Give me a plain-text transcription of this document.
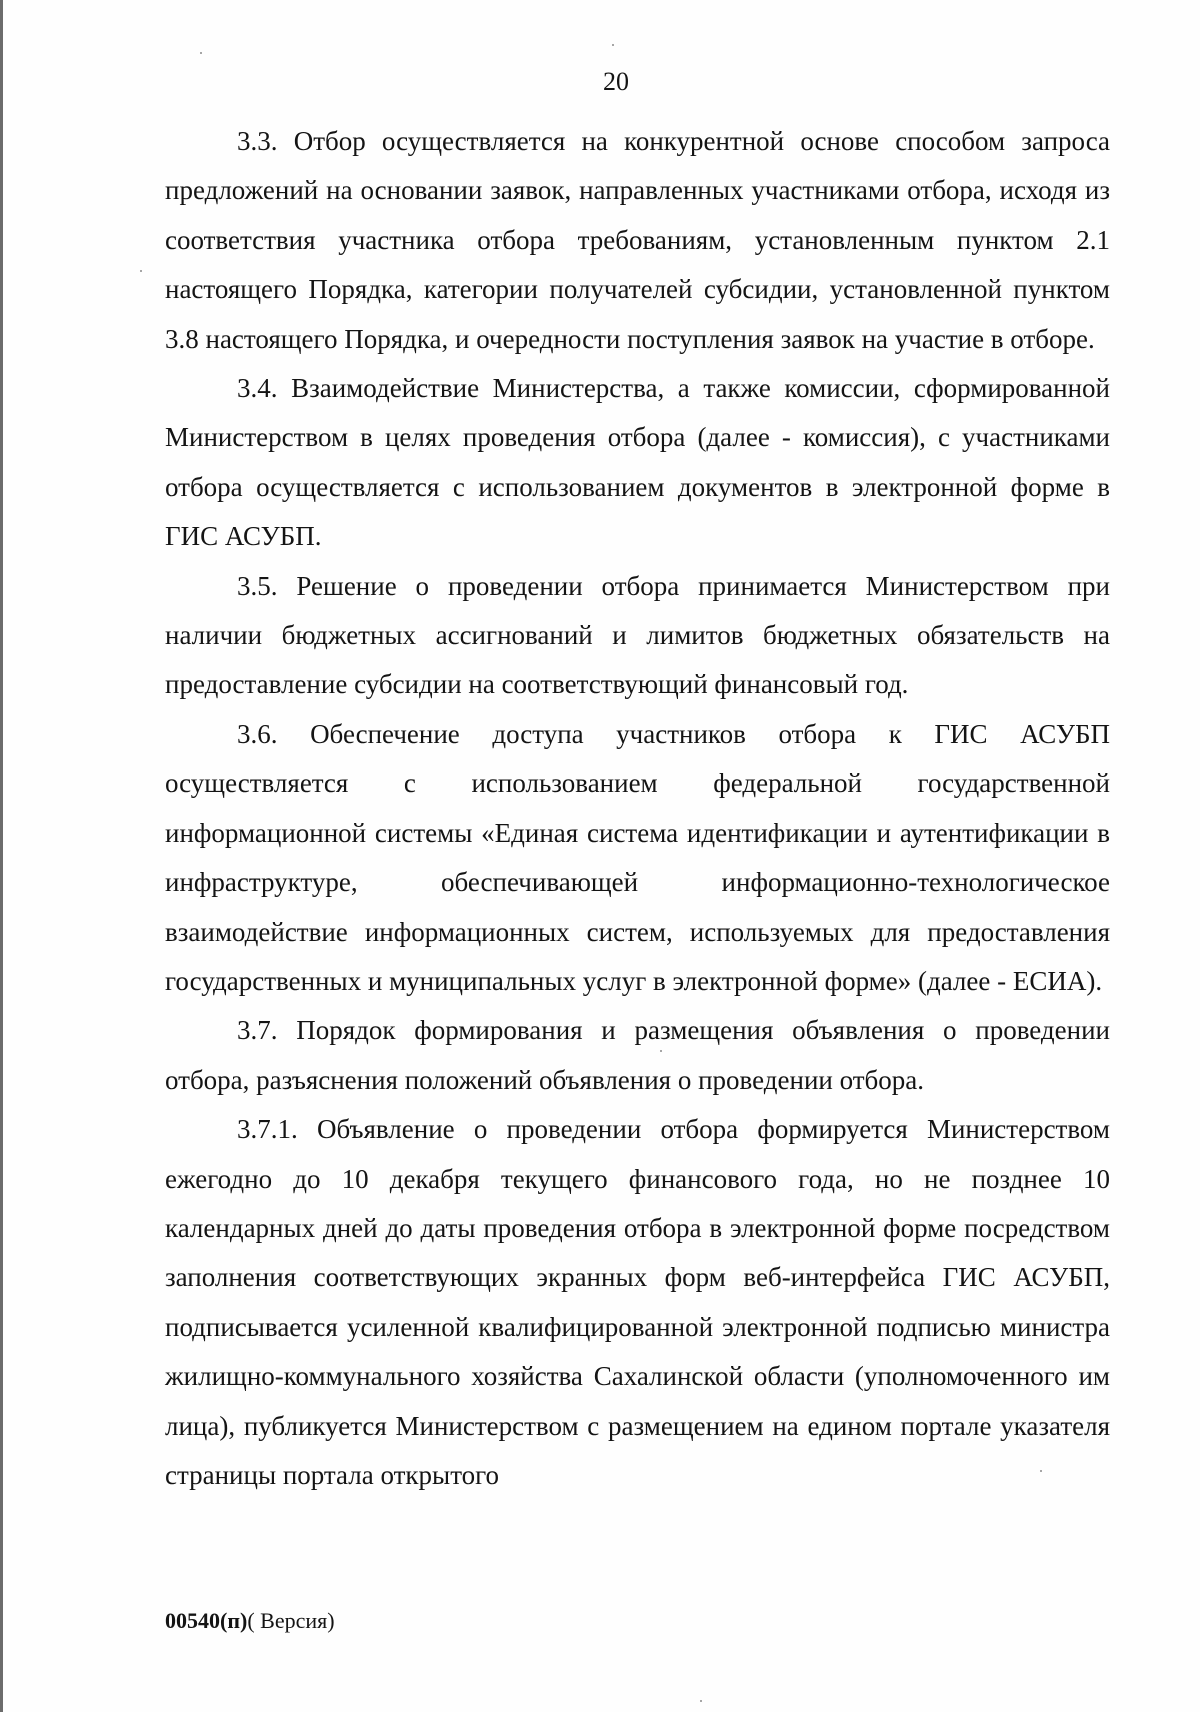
20

3.3. Отбор осуществляется на конкурентной основе способом запроса предложений на основании заявок, направленных участниками отбора, исходя из соответствия участника отбора требованиям, установленным пунктом 2.1 настоящего Порядка, категории получателей субсидии, установленной пунктом 3.8 настоящего Порядка, и очередности поступления заявок на участие в отборе.

3.4. Взаимодействие Министерства, а также комиссии, сформированной Министерством в целях проведения отбора (далее - комиссия), с участниками отбора осуществляется с использованием документов в электронной форме в ГИС АСУБП.

3.5. Решение о проведении отбора принимается Министерством при наличии бюджетных ассигнований и лимитов бюджетных обязательств на предоставление субсидии на соответствующий финансовый год.

3.6. Обеспечение доступа участников отбора к ГИС АСУБП осуществляется с использованием федеральной государственной информационной системы «Единая система идентификации и аутентификации в инфраструктуре, обеспечивающей информационно-технологическое взаимодействие информационных систем, используемых для предоставления государственных и муниципальных услуг в электронной форме» (далее - ЕСИА).

3.7. Порядок формирования и размещения объявления о проведении отбора, разъяснения положений объявления о проведении отбора.

3.7.1. Объявление о проведении отбора формируется Министерством ежегодно до 10 декабря текущего финансового года, но не позднее 10 календарных дней до даты проведения отбора в электронной форме посредством заполнения соответствующих экранных форм веб-интерфейса ГИС АСУБП, подписывается усиленной квалифицированной электронной подписью министра жилищно-коммунального хозяйства Сахалинской области (уполномоченного им лица), публикуется Министерством с размещением на едином портале указателя страницы портала открытого

00540(п)( Версия)
